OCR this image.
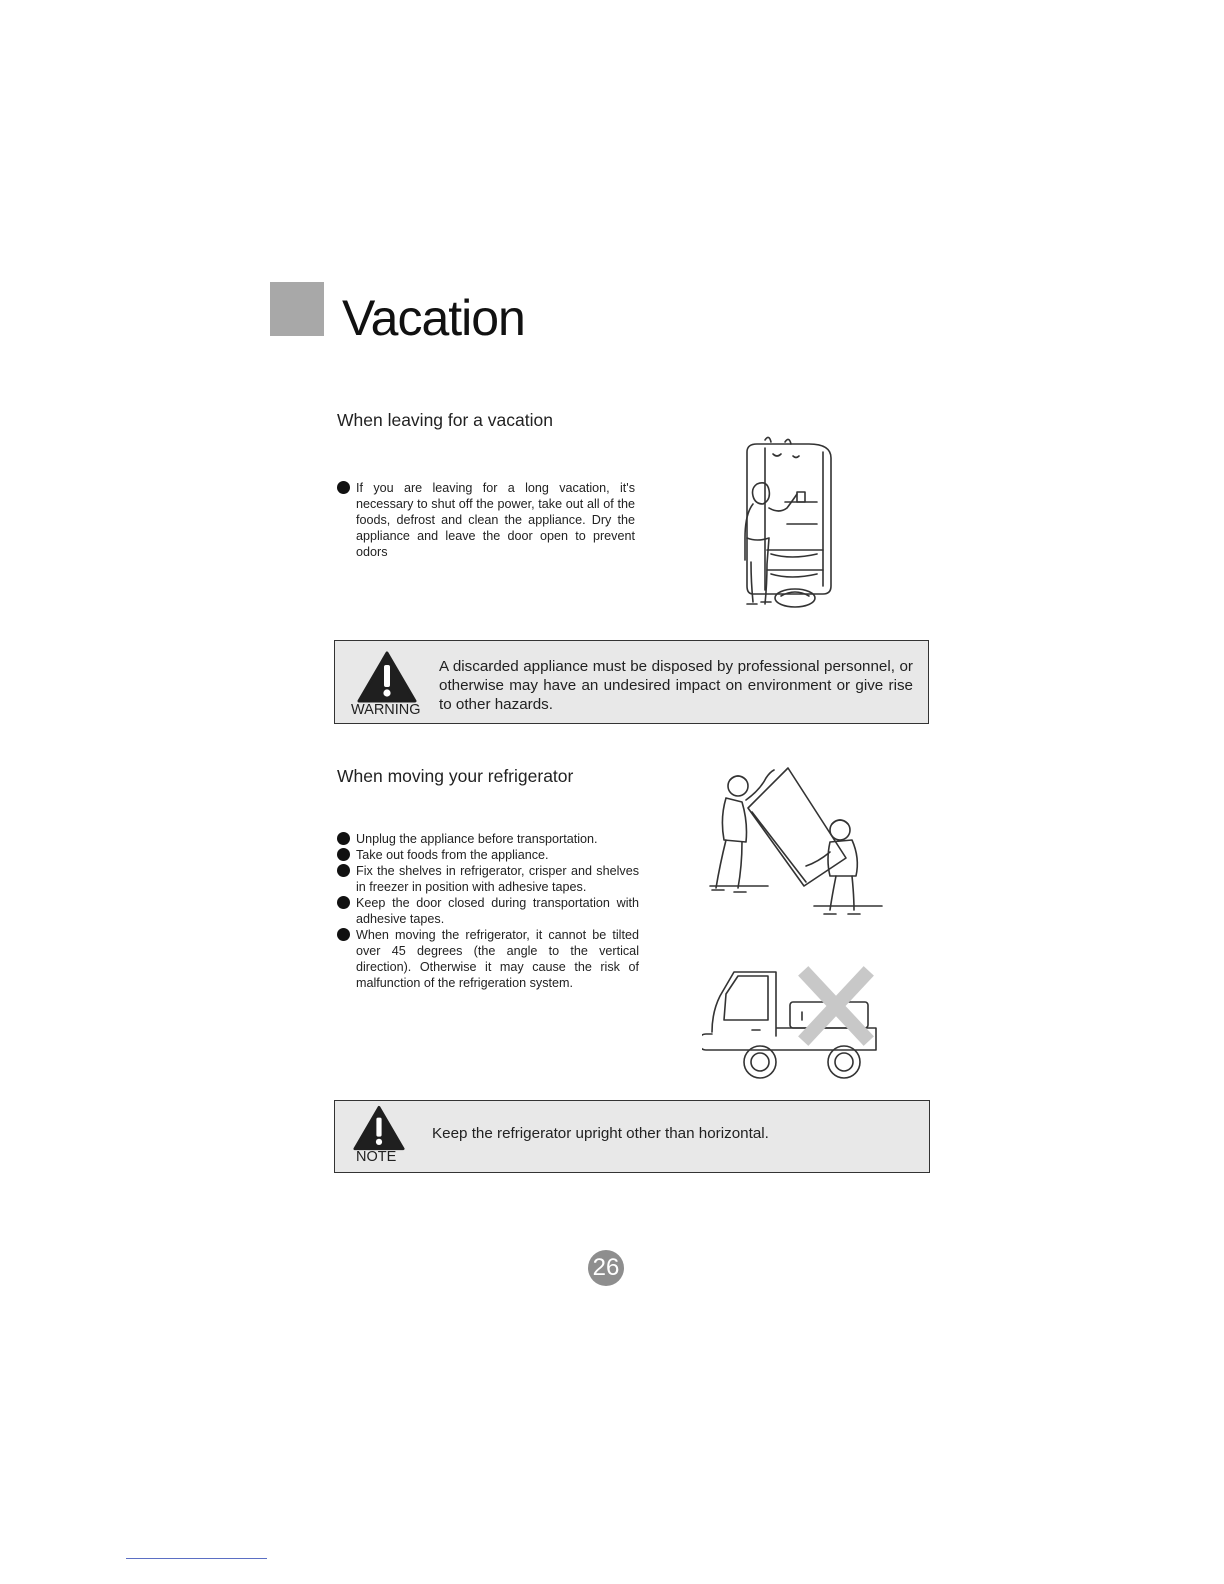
Vacation
When leaving for a vacation
If you are leaving for a long vacation, it's necessary to shut off the power, take out all of the foods, defrost and clean the appliance. Dry the appliance and leave the door open to prevent odors
WARNING
A discarded appliance must be disposed by professional personnel, or otherwise may have an undesired impact on environment or give rise to other hazards.
When moving your refrigerator
Unplug the appliance before transportation.
Take out foods from the appliance.
Fix the shelves in refrigerator, crisper and shelves in freezer in position with adhesive tapes.
Keep the door closed during transportation with adhesive tapes.
When moving the refrigerator, it cannot be tilted over 45 degrees (the angle to the vertical direction). Otherwise it may cause the risk of malfunction of the refrigeration system.
NOTE
Keep the refrigerator upright other than horizontal.
26
